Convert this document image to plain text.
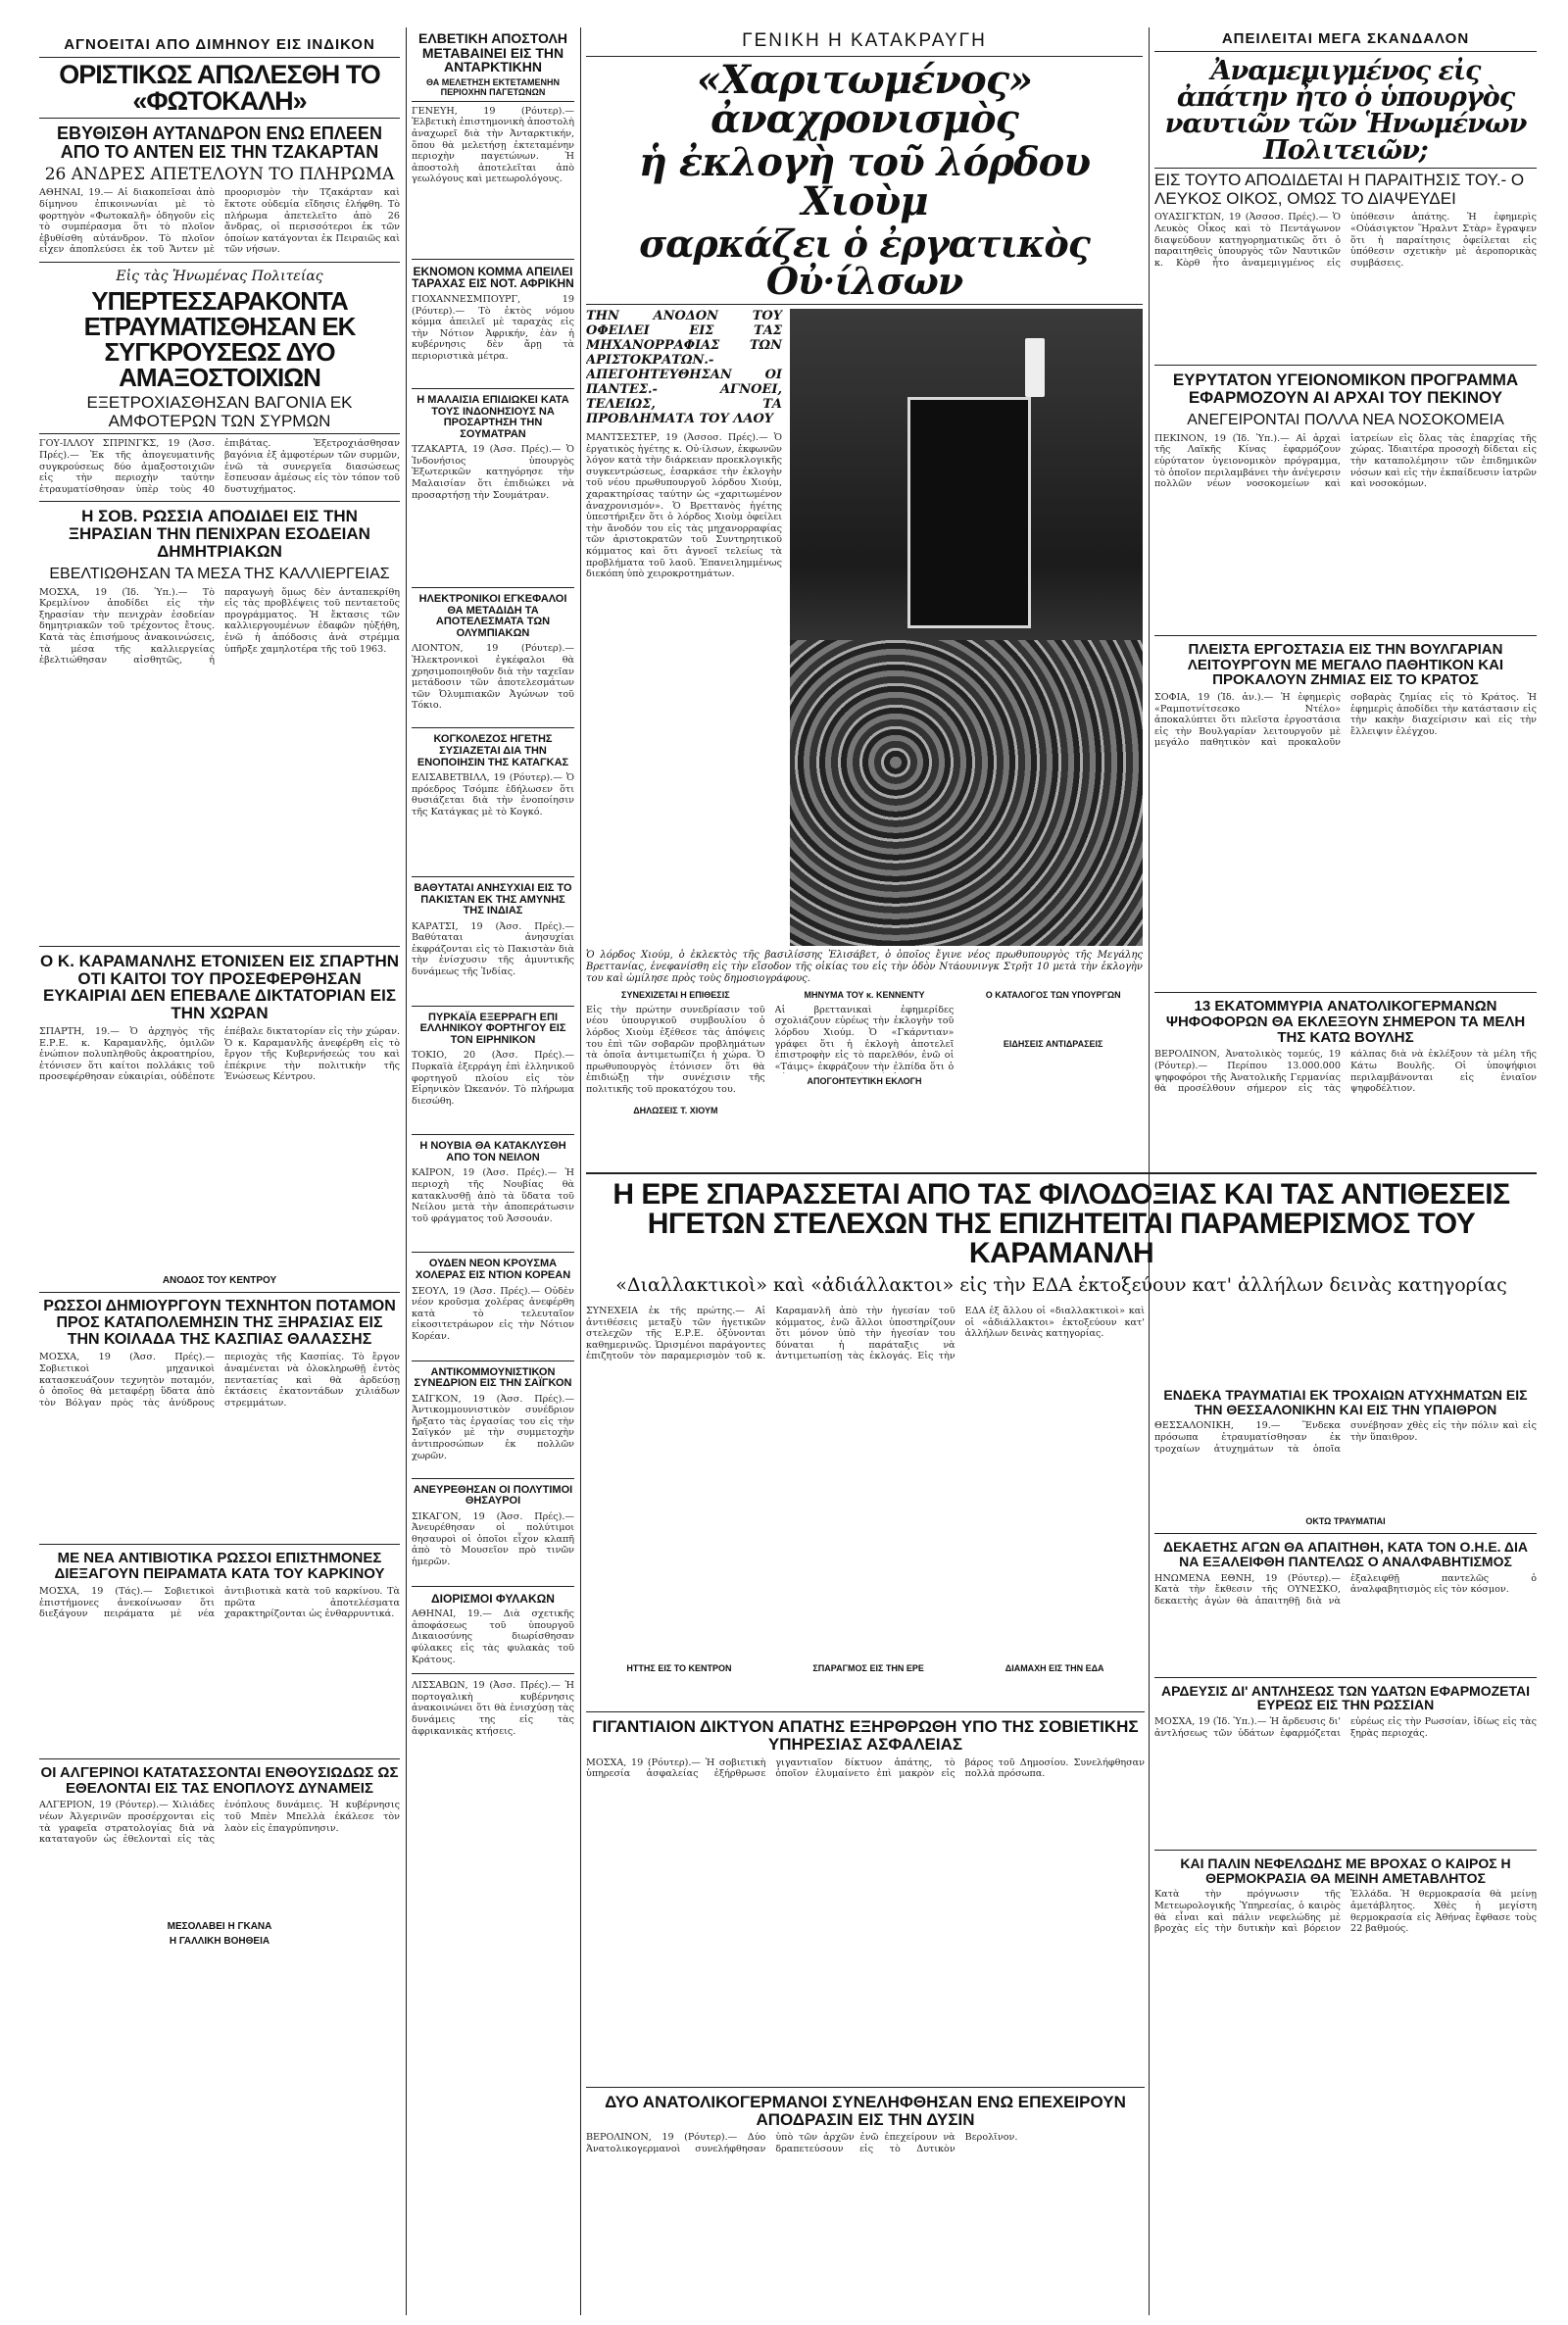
ΑΓΝΟΕΙΤΑΙ ΑΠΟ ΔΙΜΗΝΟΥ ΕΙΣ ΙΝΔΙΚΟΝ
ΟΡΙΣΤΙΚΩΣ ΑΠΩΛΕΣΘΗ ΤΟ «ΦΩΤΟΚΑΛΗ»
ΕΒΥΘΙΣΘΗ ΑΥΤΑΝΔΡΟΝ ΕΝΩ ΕΠΛΕΕΝ ΑΠΟ ΤΟ ΑΝΤΕΝ ΕΙΣ ΤΗΝ ΤΖΑΚΑΡΤΑΝ
26 ΑΝΔΡΕΣ ΑΠΕΤΕΛΟΥΝ ΤΟ ΠΛΗΡΩΜΑ
ΑΘΗΝΑΙ, 19.— Αἱ διακοπεῖσαι ἀπὸ δίμηνου ἐπικοινωνίαι μὲ τὸ φορτηγὸν «Φωτοκαλῆ» ὁδηγοῦν εἰς τὸ συμπέρασμα ὅτι τὸ πλοῖον ἐβυθίσθη αὐτάνδρον. Τὸ πλοῖον εἶχεν ἀποπλεύσει ἐκ τοῦ Ἄντεν μὲ προορισμὸν τὴν Τζακάρταν καὶ ἔκτοτε οὐδεμία εἴδησις ἐλήφθη. Τὸ πλήρωμα ἀπετελεῖτο ἀπὸ 26 ἄνδρας, οἱ περισσότεροι ἐκ τῶν ὁποίων κατάγονται ἐκ Πειραιῶς καὶ τῶν νήσων.
Εἰς τὰς Ἡνωμένας Πολιτείας
ΥΠΕΡΤΕΣΣΑΡΑΚΟΝΤΑ ΕΤΡΑΥΜΑΤΙΣΘΗΣΑΝ ΕΚ ΣΥΓΚΡΟΥΣΕΩΣ ΔΥΟ ΑΜΑΞΟΣΤΟΙΧΙΩΝ
ΕΞΕΤΡΟΧΙΑΣΘΗΣΑΝ ΒΑΓΟΝΙΑ ΕΚ ΑΜΦΟΤΕΡΩΝ ΤΩΝ ΣΥΡΜΩΝ
ΓΟΥ-ΙΛΛΟΥ ΣΠΡΙΝΓΚΣ, 19 (Ἀσσ. Πρές).— Ἐκ τῆς ἀπογευματινῆς συγκρούσεως δύο ἀμαξοστοιχιῶν εἰς τὴν περιοχὴν ταύτην ἐτραυματίσθησαν ὑπὲρ τοὺς 40 ἐπιβάτας. Ἐξετροχιάσθησαν βαγόνια ἐξ ἀμφοτέρων τῶν συρμῶν, ἐνῶ τὰ συνεργεῖα διασώσεως ἔσπευσαν ἀμέσως εἰς τὸν τόπον τοῦ δυστυχήματος.
Η ΣΟΒ. ΡΩΣΣΙΑ ΑΠΟΔΙΔΕΙ ΕΙΣ ΤΗΝ ΞΗΡΑΣΙΑΝ ΤΗΝ ΠΕΝΙΧΡΑΝ ΕΣΟΔΕΙΑΝ ΔΗΜΗΤΡΙΑΚΩΝ
ΕΒΕΛΤΙΩΘΗΣΑΝ ΤΑ ΜΕΣΑ ΤΗΣ ΚΑΛΛΙΕΡΓΕΙΑΣ
ΜΟΣΧΑ, 19 (Ἰδ. Ὑπ.).— Τὸ Κρεμλίνον ἀποδίδει εἰς τὴν ξηρασίαν τὴν πενιχρὰν ἐσοδείαν δημητριακῶν τοῦ τρέχοντος ἔτους. Κατὰ τὰς ἐπισήμους ἀνακοινώσεις, τὰ μέσα τῆς καλλιεργείας ἐβελτιώθησαν αἰσθητῶς, ἡ παραγωγὴ ὅμως δὲν ἀνταπεκρίθη εἰς τὰς προβλέψεις τοῦ πενταετοῦς προγράμματος. Ἡ ἔκτασις τῶν καλλιεργουμένων ἐδαφῶν ηὐξήθη, ἐνῶ ἡ ἀπόδοσις ἀνὰ στρέμμα ὑπῆρξε χαμηλοτέρα τῆς τοῦ 1963.
Ο Κ. ΚΑΡΑΜΑΝΛΗΣ ΕΤΟΝΙΣΕΝ ΕΙΣ ΣΠΑΡΤΗΝ ΟΤΙ ΚΑΙΤΟΙ ΤΟΥ ΠΡΟΣΕΦΕΡΘΗΣΑΝ ΕΥΚΑΙΡΙΑΙ ΔΕΝ ΕΠΕΒΑΛΕ ΔΙΚΤΑΤΟΡΙΑΝ ΕΙΣ ΤΗΝ ΧΩΡΑΝ
ΣΠΑΡΤΗ, 19.— Ὁ ἀρχηγὸς τῆς Ε.Ρ.Ε. κ. Καραμανλῆς, ὁμιλῶν ἐνώπιον πολυπληθοῦς ἀκροατηρίου, ἐτόνισεν ὅτι καίτοι πολλάκις τοῦ προσεφέρθησαν εὐκαιρίαι, οὐδέποτε ἐπέβαλε δικτατορίαν εἰς τὴν χώραν. Ὁ κ. Καραμανλῆς ἀνεφέρθη εἰς τὸ ἔργον τῆς Κυβερνήσεώς του καὶ ἐπέκρινε τὴν πολιτικὴν τῆς Ἑνώσεως Κέντρου.
ΑΝΟΔΟΣ ΤΟΥ ΚΕΝΤΡΟΥ
ΡΩΣΣΟΙ ΔΗΜΙΟΥΡΓΟΥΝ ΤΕΧΝΗΤΟΝ ΠΟΤΑΜΟΝ ΠΡΟΣ ΚΑΤΑΠΟΛΕΜΗΣΙΝ ΤΗΣ ΞΗΡΑΣΙΑΣ ΕΙΣ ΤΗΝ ΚΟΙΛΑΔΑ ΤΗΣ ΚΑΣΠΙΑΣ ΘΑΛΑΣΣΗΣ
ΜΟΣΧΑ, 19 (Ἀσσ. Πρές).— Σοβιετικοὶ μηχανικοὶ κατασκευάζουν τεχνητὸν ποταμόν, ὁ ὁποῖος θὰ μεταφέρῃ ὕδατα ἀπὸ τὸν Βόλγαν πρὸς τὰς ἀνύδρους περιοχὰς τῆς Κασπίας. Τὸ ἔργον ἀναμένεται νὰ ὁλοκληρωθῇ ἐντὸς πενταετίας καὶ θὰ ἀρδεύσῃ ἐκτάσεις ἑκατοντάδων χιλιάδων στρεμμάτων.
ΜΕ ΝΕΑ ΑΝΤΙΒΙΟΤΙΚΑ ΡΩΣΣΟΙ ΕΠΙΣΤΗΜΟΝΕΣ ΔΙΕΞΑΓΟΥΝ ΠΕΙΡΑΜΑΤΑ ΚΑΤΑ ΤΟΥ ΚΑΡΚΙΝΟΥ
ΜΟΣΧΑ, 19 (Τάς).— Σοβιετικοὶ ἐπιστήμονες ἀνεκοίνωσαν ὅτι διεξάγουν πειράματα μὲ νέα ἀντιβιοτικὰ κατὰ τοῦ καρκίνου. Τὰ πρῶτα ἀποτελέσματα χαρακτηρίζονται ὡς ἐνθαρρυντικά.
ΟΙ ΑΛΓΕΡΙΝΟΙ ΚΑΤΑΤΑΣΣΟΝΤΑΙ ΕΝΘΟΥΣΙΩΔΩΣ ΩΣ ΕΘΕΛΟΝΤΑΙ ΕΙΣ ΤΑΣ ΕΝΟΠΛΟΥΣ ΔΥΝΑΜΕΙΣ
ΑΛΓΕΡΙΟΝ, 19 (Ρόυτερ).— Χιλιάδες νέων Ἀλγερινῶν προσέρχονται εἰς τὰ γραφεῖα στρατολογίας διὰ νὰ καταταγοῦν ὡς ἐθελονταὶ εἰς τὰς ἐνόπλους δυνάμεις. Ἡ κυβέρνησις τοῦ Μπὲν Μπελλὰ ἐκάλεσε τὸν λαὸν εἰς ἐπαγρύπνησιν.
ΜΕΣΟΛΑΒΕΙ Η ΓΚΑΝΑ
Η ΓΑΛΛΙΚΗ ΒΟΗΘΕΙΑ
ΕΛΒΕΤΙΚΗ ΑΠΟΣΤΟΛΗ ΜΕΤΑΒΑΙΝΕΙ ΕΙΣ ΤΗΝ ΑΝΤΑΡΚΤΙΚΗΝ
ΘΑ ΜΕΛΕΤΗΣΗ ΕΚΤΕΤΑΜΕΝΗΝ ΠΕΡΙΟΧΗΝ ΠΑΓΕΤΩΝΩΝ
ΓΕΝΕΥΗ, 19 (Ρόυτερ).— Ἐλβετικὴ ἐπιστημονικὴ ἀποστολὴ ἀναχωρεῖ διὰ τὴν Ἀνταρκτικήν, ὅπου θὰ μελετήσῃ ἐκτεταμένην περιοχὴν παγετώνων. Ἡ ἀποστολὴ ἀποτελεῖται ἀπὸ γεωλόγους καὶ μετεωρολόγους.
ΕΚΝΟΜΟΝ ΚΟΜΜΑ ΑΠΕΙΛΕΙ ΤΑΡΑΧΑΣ ΕΙΣ ΝΟΤ. ΑΦΡΙΚΗΝ
ΓΙΟΧΑΝΝΕΣΜΠΟΥΡΓ, 19 (Ρόυτερ).— Τὸ ἐκτὸς νόμου κόμμα ἀπειλεῖ μὲ ταραχὰς εἰς τὴν Νότιον Ἀφρικήν, ἐὰν ἡ κυβέρνησις δὲν ἄρῃ τὰ περιοριστικὰ μέτρα.
Η ΜΑΛΑΙΣΙΑ ΕΠΙΔΙΩΚΕΙ ΚΑΤΑ ΤΟΥΣ ΙΝΔΟΝΗΣΙΟΥΣ ΝΑ ΠΡΟΣΑΡΤΗΣΗ ΤΗΝ ΣΟΥΜΑΤΡΑΝ
ΤΖΑΚΑΡΤΑ, 19 (Ἀσσ. Πρές).— Ὁ Ἰνδονήσιος ὑπουργὸς Ἐξωτερικῶν κατηγόρησε τὴν Μαλαισίαν ὅτι ἐπιδιώκει νὰ προσαρτήσῃ τὴν Σουμάτραν.
ΗΛΕΚΤΡΟΝΙΚΟΙ ΕΓΚΕΦΑΛΟΙ ΘΑ ΜΕΤΑΔΙΔΗ ΤΑ ΑΠΟΤΕΛΕΣΜΑΤΑ ΤΩΝ ΟΛΥΜΠΙΑΚΩΝ
ΛΙΟΝΤΟΝ, 19 (Ρόυτερ).— Ἠλεκτρονικοὶ ἐγκέφαλοι θὰ χρησιμοποιηθοῦν διὰ τὴν ταχεῖαν μετάδοσιν τῶν ἀποτελεσμάτων τῶν Ὀλυμπιακῶν Ἀγώνων τοῦ Τόκιο.
ΚΟΓΚΟΛΕΖΟΣ ΗΓΕΤΗΣ ΣΥΣΙΑΖΕΤΑΙ ΔΙΑ ΤΗΝ ΕΝΟΠΟΙΗΣΙΝ ΤΗΣ ΚΑΤΑΓΚΑΣ
ΕΛΙΣΑΒΕΤΒΙΛΛ, 19 (Ρόυτερ).— Ὁ πρόεδρος Τσόμπε ἐδήλωσεν ὅτι θυσιάζεται διὰ τὴν ἑνοποίησιν τῆς Κατάγκας μὲ τὸ Κογκό.
ΒΑΘΥΤΑΤΑΙ ΑΝΗΣΥΧΙΑΙ ΕΙΣ ΤΟ ΠΑΚΙΣΤΑΝ ΕΚ ΤΗΣ ΑΜΥΝΗΣ ΤΗΣ ΙΝΔΙΑΣ
ΚΑΡΑΤΣΙ, 19 (Ἀσσ. Πρές).— Βαθύταται ἀνησυχίαι ἐκφράζονται εἰς τὸ Πακιστὰν διὰ τὴν ἐνίσχυσιν τῆς ἀμυντικῆς δυνάμεως τῆς Ἰνδίας.
ΠΥΡΚΑΪΑ ΕΞΕΡΡΑΓΗ ΕΠΙ ΕΛΛΗΝΙΚΟΥ ΦΟΡΤΗΓΟΥ ΕΙΣ ΤΟΝ ΕΙΡΗΝΙΚΟΝ
ΤΟΚΙΟ, 20 (Ἀσσ. Πρές).— Πυρκαϊὰ ἐξερράγη ἐπὶ ἑλληνικοῦ φορτηγοῦ πλοίου εἰς τὸν Εἰρηνικὸν Ὠκεανόν. Τὸ πλήρωμα διεσώθη.
Η ΝΟΥΒΙΑ ΘΑ ΚΑΤΑΚΛΥΣΘΗ ΑΠΟ ΤΟΝ ΝΕΙΛΟΝ
ΚΑΪΡΟΝ, 19 (Ἀσσ. Πρές).— Ἡ περιοχὴ τῆς Νουβίας θὰ κατακλυσθῇ ἀπὸ τὰ ὕδατα τοῦ Νείλου μετὰ τὴν ἀποπεράτωσιν τοῦ φράγματος τοῦ Ἀσσουάν.
ΟΥΔΕΝ ΝΕΟΝ ΚΡΟΥΣΜΑ ΧΟΛΕΡΑΣ ΕΙΣ ΝΤΙΟΝ ΚΟΡΕΑΝ
ΣΕΟΥΛ, 19 (Ἀσσ. Πρές).— Οὐδὲν νέον κροῦσμα χολέρας ἀνεφέρθη κατὰ τὸ τελευταῖον εἰκοσιτετράωρον εἰς τὴν Νότιον Κορέαν.
ΑΝΤΙΚΟΜΜΟΥΝΙΣΤΙΚΟΝ ΣΥΝΕΔΡΙΟΝ ΕΙΣ ΤΗΝ ΣΑΪΓΚΟΝ
ΣΑΪΓΚΟΝ, 19 (Ἀσσ. Πρές).— Ἀντικομμουνιστικὸν συνέδριον ἤρξατο τὰς ἐργασίας του εἰς τὴν Σαϊγκόν μὲ τὴν συμμετοχὴν ἀντιπροσώπων ἐκ πολλῶν χωρῶν.
ΑΝΕΥΡΕΘΗΣΑΝ ΟΙ ΠΟΛΥΤΙΜΟΙ ΘΗΣΑΥΡΟΙ
ΣΙΚΑΓΟΝ, 19 (Ἀσσ. Πρές).— Ἀνευρέθησαν οἱ πολύτιμοι θησαυροὶ οἱ ὁποῖοι εἶχον κλαπῆ ἀπὸ τὸ Μουσεῖον πρὸ τινῶν ἡμερῶν.
ΔΙΟΡΙΣΜΟΙ ΦΥΛΑΚΩΝ
ΑΘΗΝΑΙ, 19.— Διὰ σχετικῆς ἀποφάσεως τοῦ ὑπουργοῦ Δικαιοσύνης διωρίσθησαν φύλακες εἰς τὰς φυλακὰς τοῦ Κράτους.
ΛΙΣΣΑΒΩΝ, 19 (Ἀσσ. Πρές).— Ἡ πορτογαλικὴ κυβέρνησις ἀνακοινώνει ὅτι θὰ ἐνισχύσῃ τὰς δυνάμεις της εἰς τὰς ἀφρικανικὰς κτήσεις.
ΓΕΝΙΚΗ Η ΚΑΤΑΚΡΑΥΓΗ
«Χαριτωμένος» ἀναχρονισμὸς
ἡ ἐκλογὴ τοῦ λόρδου Χιοὺμ
σαρκάζει ὁ ἐργατικὸς Οὐ·ίλσων
ΤΗΝ ΑΝΟΔΟΝ ΤΟΥ ΟΦΕΙΛΕΙ ΕΙΣ ΤΑΣ ΜΗΧΑΝΟΡΡΑΦΙΑΣ ΤΩΝ ΑΡΙΣΤΟΚΡΑΤΩΝ.- ΑΠΕΓΟΗΤΕΥΘΗΣΑΝ ΟΙ ΠΑΝΤΕΣ.- ΑΓΝΟΕΙ, ΤΕΛΕΙΩΣ, ΤΑ ΠΡΟΒΛΗΜΑΤΑ ΤΟΥ ΛΑΟΥ
ΜΑΝΤΣΕΣΤΕΡ, 19 (Ἀσσοσ. Πρές).— Ὁ ἐργατικὸς ἡγέτης κ. Οὐ·ίλσων, ἐκφωνῶν λόγον κατὰ τὴν διάρκειαν προεκλογικῆς συγκεντρώσεως, ἐσαρκάσε τὴν ἐκλογὴν τοῦ νέου πρωθυπουργοῦ λόρδου Χιούμ, χαρακτηρίσας ταύτην ὡς «χαριτωμένον ἀναχρονισμόν». Ὁ Βρεττανὸς ἡγέτης ὑπεστήριξεν ὅτι ὁ λόρδος Χιοὺμ ὀφείλει τὴν ἄνοδόν του εἰς τὰς μηχανορραφίας τῶν ἀριστοκρατῶν τοῦ Συντηρητικοῦ κόμματος καὶ ὅτι ἀγνοεῖ τελείως τὰ προβλήματα τοῦ λαοῦ. Ἐπανειλημμένως διεκόπη ὑπὸ χειροκροτημάτων.
Ὁ λόρδος Χιούμ, ὁ ἐκλεκτὸς τῆς βασιλίσσης Ἐλισάβετ, ὁ ὁποῖος ἔγινε νέος πρωθυπουργὸς τῆς Μεγάλης Βρεττανίας, ἐνεφανίσθη εἰς τὴν εἴσοδον τῆς οἰκίας του εἰς τὴν ὁδὸν Ντάουνινγκ Στρῆτ 10 μετὰ τὴν ἐκλογὴν του καὶ ὡμίλησε πρὸς τοὺς δημοσιογράφους.
ΣΥΝΕΧΙΖΕΤΑΙ Η ΕΠΙΘΕΣΙΣ
Εἰς τὴν πρώτην συνεδρίασιν τοῦ νέου ὑπουργικοῦ συμβουλίου ὁ λόρδος Χιοὺμ ἐξέθεσε τὰς ἀπόψεις του ἐπὶ τῶν σοβαρῶν προβλημάτων τὰ ὁποῖα ἀντιμετωπίζει ἡ χώρα. Ὁ πρωθυπουργὸς ἐτόνισεν ὅτι θὰ ἐπιδιώξῃ τὴν συνέχισιν τῆς πολιτικῆς τοῦ προκατόχου του.
ΔΗΛΩΣΕΙΣ Τ. ΧΙΟΥΜ
ΜΗΝΥΜΑ ΤΟΥ κ. ΚΕΝΝΕΝΤΥ
Αἱ βρεττανικαὶ ἐφημερίδες σχολιάζουν εὐρέως τὴν ἐκλογὴν τοῦ λόρδου Χιούμ. Ὁ «Γκάρντιαν» γράφει ὅτι ἡ ἐκλογὴ ἀποτελεῖ ἐπιστροφὴν εἰς τὸ παρελθόν, ἐνῶ οἱ «Τάιμς» ἐκφράζουν τὴν ἐλπίδα ὅτι ὁ
ΑΠΟΓΟΗΤΕΥΤΙΚΗ ΕΚΛΟΓΗ
Ο ΚΑΤΑΛΟΓΟΣ ΤΩΝ ΥΠΟΥΡΓΩΝ
ΕΙΔΗΣΕΙΣ ΑΝΤΙΔΡΑΣΕΙΣ
Η ΕΡΕ ΣΠΑΡΑΣΣΕΤΑΙ ΑΠΟ ΤΑΣ ΦΙΛΟΔΟΞΙΑΣ ΚΑΙ ΤΑΣ ΑΝΤΙΘΕΣΕΙΣ ΗΓΕΤΩΝ ΣΤΕΛΕΧΩΝ ΤΗΣ ΕΠΙΖΗΤΕΙΤΑΙ ΠΑΡΑΜΕΡΙΣΜΟΣ ΤΟΥ ΚΑΡΑΜΑΝΛΗ
«Διαλλακτικοὶ» καὶ «ἀδιάλλακτοι» εἰς τὴν ΕΔΑ ἐκτοξεύουν κατ' ἀλλήλων δεινὰς κατηγορίας
ΣΥΝΕΧΕΙΑ ἐκ τῆς πρώτης.— Αἱ ἀντιθέσεις μεταξὺ τῶν ἡγετικῶν στελεχῶν τῆς Ε.Ρ.Ε. ὀξύνονται καθημερινῶς. Ὡρισμένοι παράγοντες ἐπιζητοῦν τὸν παραμερισμὸν τοῦ κ. Καραμανλῆ ἀπὸ τὴν ἡγεσίαν τοῦ κόμματος, ἐνῶ ἄλλοι ὑποστηρίζουν ὅτι μόνον ὑπὸ τὴν ἡγεσίαν του δύναται ἡ παράταξις νὰ ἀντιμετωπίσῃ τὰς ἐκλογάς. Εἰς τὴν ΕΔΑ ἐξ ἄλλου οἱ «διαλλακτικοὶ» καὶ οἱ «ἀδιάλλακτοι» ἐκτοξεύουν κατ' ἀλλήλων δεινὰς κατηγορίας.
ΗΤΤΗΣ ΕΙΣ ΤΟ ΚΕΝΤΡΟΝ	ΣΠΑΡΑΓΜΟΣ ΕΙΣ ΤΗΝ ΕΡΕ	ΔΙΑΜΑΧΗ ΕΙΣ ΤΗΝ ΕΔΑ
ΓΙΓΑΝΤΙΑΙΟΝ ΔΙΚΤΥΟΝ ΑΠΑΤΗΣ ΕΞΗΡΘΡΩΘΗ ΥΠΟ ΤΗΣ ΣΟΒΙΕΤΙΚΗΣ ΥΠΗΡΕΣΙΑΣ ΑΣΦΑΛΕΙΑΣ
ΜΟΣΧΑ, 19 (Ρόυτερ).— Ἡ σοβιετικὴ ὑπηρεσία ἀσφαλείας ἐξήρθρωσε γιγαντιαῖον δίκτυον ἀπάτης, τὸ ὁποῖον ἐλυμαίνετο ἐπὶ μακρὸν εἰς βάρος τοῦ Δημοσίου. Συνελήφθησαν πολλὰ πρόσωπα.
ΔΥΟ ΑΝΑΤΟΛΙΚΟΓΕΡΜΑΝΟΙ ΣΥΝΕΛΗΦΘΗΣΑΝ ΕΝΩ ΕΠΕΧΕΙΡΟΥΝ ΑΠΟΔΡΑΣΙΝ ΕΙΣ ΤΗΝ ΔΥΣΙΝ
ΒΕΡΟΛΙΝΟΝ, 19 (Ρόυτερ).— Δύο Ἀνατολικογερμανοὶ συνελήφθησαν ὑπὸ τῶν ἀρχῶν ἐνῶ ἐπεχείρουν νὰ δραπετεύσουν εἰς τὸ Δυτικὸν Βερολῖνον.
ΑΠΕΙΛΕΙΤΑΙ ΜΕΓΑ ΣΚΑΝΔΑΛΟΝ
Ἀναμεμιγμένος εἰς ἀπάτην ἦτο ὁ ὑπουργὸς ναυτιῶν τῶν Ἡνωμένων Πολιτειῶν;
ΕΙΣ ΤΟΥΤΟ ΑΠΟΔΙΔΕΤΑΙ Η ΠΑΡΑΙΤΗΣΙΣ ΤΟΥ.- Ο ΛΕΥΚΟΣ ΟΙΚΟΣ, ΟΜΩΣ ΤΟ ΔΙΑΨΕΥΔΕΙ
ΟΥΑΣΙΓΚΤΩΝ, 19 (Ἀσσοσ. Πρές).— Ὁ Λευκὸς Οἶκος καὶ τὸ Πεντάγωνον διαψεύδουν κατηγορηματικῶς ὅτι ὁ παραιτηθεὶς ὑπουργὸς τῶν Ναυτικῶν κ. Κὸρθ ἦτο ἀναμεμιγμένος εἰς ὑπόθεσιν ἀπάτης. Ἡ ἐφημερὶς «Οὐάσιγκτον Ἥραλντ Στὰρ» ἔγραψεν ὅτι ἡ παραίτησις ὀφείλεται εἰς ὑπόθεσιν σχετικὴν μὲ ἀεροπορικὰς συμβάσεις.
ΕΥΡΥΤΑΤΟΝ ΥΓΕΙΟΝΟΜΙΚΟΝ ΠΡΟΓΡΑΜΜΑ ΕΦΑΡΜΟΖΟΥΝ ΑΙ ΑΡΧΑΙ ΤΟΥ ΠΕΚΙΝΟΥ
ΑΝΕΓΕΙΡΟΝΤΑΙ ΠΟΛΛΑ ΝΕΑ ΝΟΣΟΚΟΜΕΙΑ
ΠΕΚΙΝΟΝ, 19 (Ἰδ. Ὑπ.).— Αἱ ἀρχαὶ τῆς Λαϊκῆς Κίνας ἐφαρμόζουν εὐρύτατον ὑγειονομικὸν πρόγραμμα, τὸ ὁποῖον περιλαμβάνει τὴν ἀνέγερσιν πολλῶν νέων νοσοκομείων καὶ ἰατρείων εἰς ὅλας τὰς ἐπαρχίας τῆς χώρας. Ἰδιαιτέρα προσοχὴ δίδεται εἰς τὴν καταπολέμησιν τῶν ἐπιδημικῶν νόσων καὶ εἰς τὴν ἐκπαίδευσιν ἰατρῶν καὶ νοσοκόμων.
ΠΛΕΙΣΤΑ ΕΡΓΟΣΤΑΣΙΑ ΕΙΣ ΤΗΝ ΒΟΥΛΓΑΡΙΑΝ ΛΕΙΤΟΥΡΓΟΥΝ ΜΕ ΜΕΓΑΛΟ ΠΑΘΗΤΙΚΟΝ ΚΑΙ ΠΡΟΚΑΛΟΥΝ ΖΗΜΙΑΣ ΕΙΣ ΤΟ ΚΡΑΤΟΣ
ΣΟΦΙΑ, 19 (Ἰδ. ἀν.).— Ἡ ἐφημερὶς «Ραμποτνίτσεσκο Ντέλο» ἀποκαλύπτει ὅτι πλεῖστα ἐργοστάσια εἰς τὴν Βουλγαρίαν λειτουργοῦν μὲ μεγάλο παθητικὸν καὶ προκαλοῦν σοβαρὰς ζημίας εἰς τὸ Κράτος. Ἡ ἐφημερὶς ἀποδίδει τὴν κατάστασιν εἰς τὴν κακὴν διαχείρισιν καὶ εἰς τὴν ἔλλειψιν ἐλέγχου.
13 ΕΚΑΤΟΜΜΥΡΙΑ ΑΝΑΤΟΛΙΚΟΓΕΡΜΑΝΩΝ ΨΗΦΟΦΟΡΩΝ ΘΑ ΕΚΛΕΞΟΥΝ ΣΗΜΕΡΟΝ ΤΑ ΜΕΛΗ ΤΗΣ ΚΑΤΩ ΒΟΥΛΗΣ
ΒΕΡΟΛΙΝΟΝ, Ἀνατολικὸς τομεύς, 19 (Ρόυτερ).— Περίπου 13.000.000 ψηφοφόροι τῆς Ἀνατολικῆς Γερμανίας θὰ προσέλθουν σήμερον εἰς τὰς κάλπας διὰ νὰ ἐκλέξουν τὰ μέλη τῆς Κάτω Βουλῆς. Οἱ ὑποψήφιοι περιλαμβάνονται εἰς ἑνιαῖον ψηφοδέλτιον.
ΕΝΔΕΚΑ ΤΡΑΥΜΑΤΙΑΙ ΕΚ ΤΡΟΧΑΙΩΝ ΑΤΥΧΗΜΑΤΩΝ ΕΙΣ ΤΗΝ ΘΕΣΣΑΛΟΝΙΚΗΝ ΚΑΙ ΕΙΣ ΤΗΝ ΥΠΑΙΘΡΟΝ
ΘΕΣΣΑΛΟΝΙΚΗ, 19.— Ἕνδεκα πρόσωπα ἐτραυματίσθησαν ἐκ τροχαίων ἀτυχημάτων τὰ ὁποῖα συνέβησαν χθὲς εἰς τὴν πόλιν καὶ εἰς τὴν ὕπαιθρον.
ΟΚΤΩ ΤΡΑΥΜΑΤΙΑΙ
ΔΕΚΑΕΤΗΣ ΑΓΩΝ ΘΑ ΑΠΑΙΤΗΘΗ, ΚΑΤΑ ΤΟΝ Ο.Η.Ε. ΔΙΑ ΝΑ ΕΞΑΛΕΙΦΘΗ ΠΑΝΤΕΛΩΣ Ο ΑΝΑΛΦΑΒΗΤΙΣΜΟΣ
ΗΝΩΜΕΝΑ ΕΘΝΗ, 19 (Ρόυτερ).— Κατὰ τὴν ἔκθεσιν τῆς ΟΥΝΕΣΚΟ, δεκαετὴς ἀγὼν θὰ ἀπαιτηθῇ διὰ νὰ ἐξαλειφθῇ παντελῶς ὁ ἀναλφαβητισμὸς εἰς τὸν κόσμον.
ΑΡΔΕΥΣΙΣ ΔΙ' ΑΝΤΛΗΣΕΩΣ ΤΩΝ ΥΔΑΤΩΝ ΕΦΑΡΜΟΖΕΤΑΙ ΕΥΡΕΩΣ ΕΙΣ ΤΗΝ ΡΩΣΣΙΑΝ
ΜΟΣΧΑ, 19 (Ἰδ. Ὑπ.).— Ἡ ἄρδευσις δι' ἀντλήσεως τῶν ὑδάτων ἐφαρμόζεται εὐρέως εἰς τὴν Ρωσσίαν, ἰδίως εἰς τὰς ξηρὰς περιοχάς.
ΚΑΙ ΠΑΛΙΝ ΝΕΦΕΛΩΔΗΣ ΜΕ ΒΡΟΧΑΣ Ο ΚΑΙΡΟΣ Η ΘΕΡΜΟΚΡΑΣΙΑ ΘΑ ΜΕΙΝΗ ΑΜΕΤΑΒΛΗΤΟΣ
Κατὰ τὴν πρόγνωσιν τῆς Μετεωρολογικῆς Ὑπηρεσίας, ὁ καιρὸς θὰ εἶναι καὶ πάλιν νεφελώδης μὲ βροχὰς εἰς τὴν δυτικὴν καὶ βόρειον Ἑλλάδα. Ἡ θερμοκρασία θὰ μείνῃ ἀμετάβλητος. Χθὲς ἡ μεγίστη θερμοκρασία εἰς Ἀθήνας ἔφθασε τοὺς 22 βαθμούς.
